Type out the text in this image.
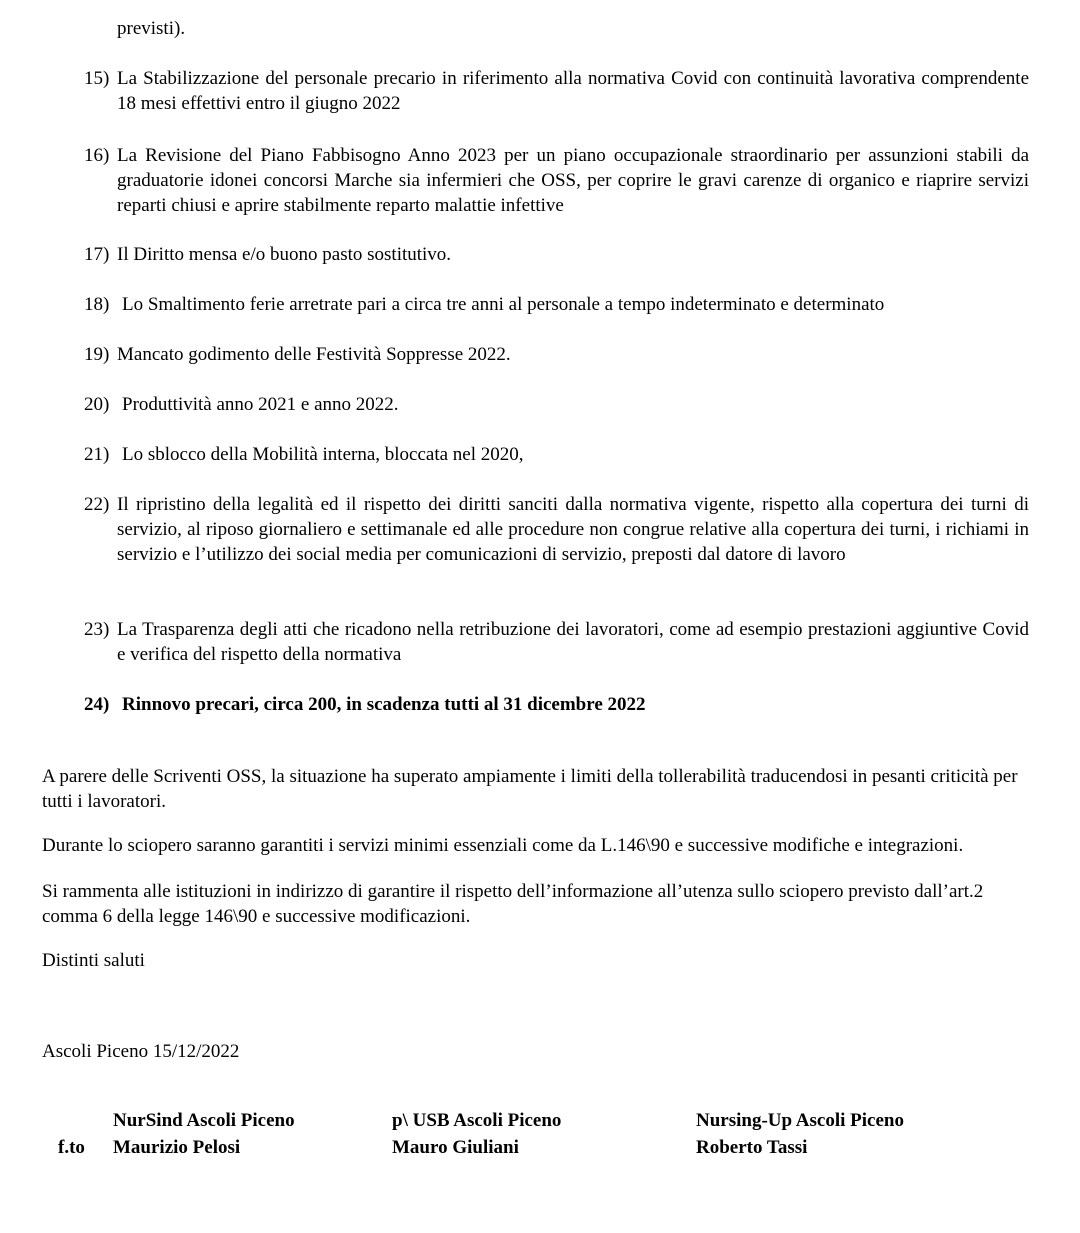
previsti).
15) La Stabilizzazione del personale precario in riferimento alla normativa Covid con continuità lavorativa comprendente 18 mesi effettivi entro il giugno 2022
16) La Revisione del Piano Fabbisogno Anno 2023 per un piano occupazionale straordinario per assunzioni stabili da graduatorie idonei concorsi Marche sia infermieri che OSS, per coprire le gravi carenze di organico e riaprire servizi reparti chiusi e aprire stabilmente reparto malattie infettive
17) Il Diritto mensa e/o buono pasto sostitutivo.
18) Lo Smaltimento ferie arretrate pari a circa tre anni al personale a tempo indeterminato e determinato
19) Mancato godimento delle Festività Soppresse 2022.
20) Produttività anno 2021 e anno 2022.
21) Lo sblocco della Mobilità interna, bloccata nel 2020,
22) Il ripristino della legalità ed il rispetto dei diritti sanciti dalla normativa vigente, rispetto alla copertura dei turni di servizio, al riposo giornaliero e settimanale ed alle procedure non congrue relative alla copertura dei turni, i richiami in servizio e l’utilizzo dei social media per comunicazioni di servizio, preposti dal datore di lavoro
23) La Trasparenza degli atti che ricadono nella retribuzione dei lavoratori, come ad esempio prestazioni aggiuntive Covid e verifica del rispetto della normativa
24) Rinnovo precari, circa 200, in scadenza tutti al 31 dicembre 2022
A parere delle Scriventi OSS, la situazione ha superato ampiamente i limiti della tollerabilità traducendosi in pesanti criticità per tutti i lavoratori.
Durante lo sciopero saranno garantiti i servizi minimi essenziali come da L.146\90 e successive modifiche e integrazioni.
Si rammenta alle istituzioni in indirizzo di garantire il rispetto dell’informazione all’utenza sullo sciopero previsto dall’art.2 comma 6 della legge 146\90 e successive modificazioni.
Distinti saluti
Ascoli Piceno 15/12/2022
f.to
NurSind Ascoli Piceno
Maurizio Pelosi
p\ USB Ascoli Piceno
Mauro Giuliani
Nursing-Up Ascoli Piceno
Roberto Tassi
